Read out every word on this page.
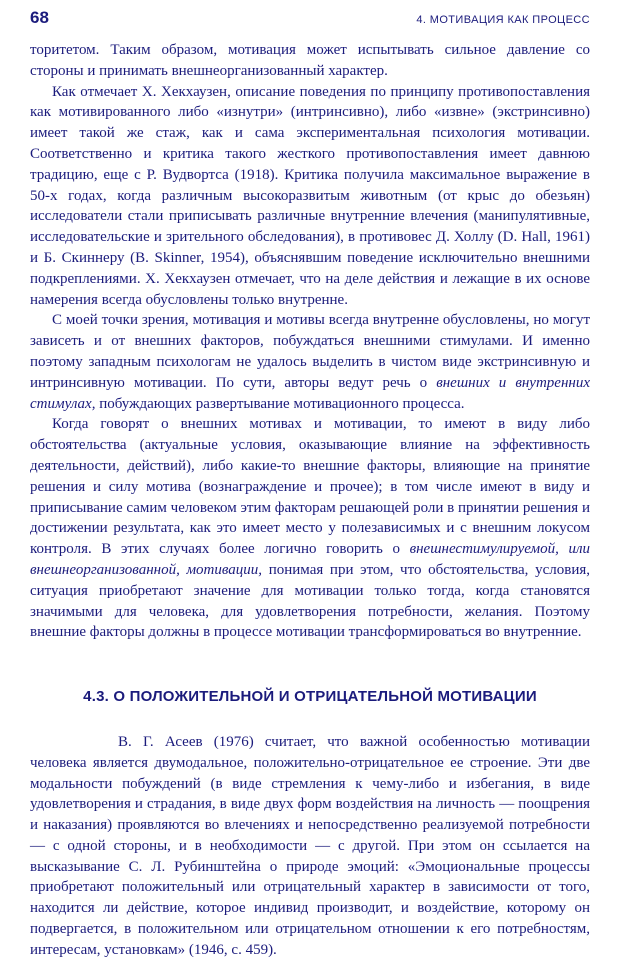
68	4. МОТИВАЦИЯ КАК ПРОЦЕСС

торитетом. Таким образом, мотивация может испытывать сильное давление со стороны и принимать внешнеорганизованный характер.

Как отмечает Х. Хекхаузен, описание поведения по принципу противопоставления как мотивированного либо «изнутри» (интринсивно), либо «извне» (экстринсивно) имеет такой же стаж, как и сама экспериментальная психология мотивации. Соответственно и критика такого жесткого противопоставления имеет давнюю традицию, еще с Р. Вудвортса (1918). Критика получила максимальное выражение в 50-х годах, когда различным высокоразвитым животным (от крыс до обезьян) исследователи стали приписывать различные внутренние влечения (манипулятивные, исследовательские и зрительного обследования), в противовес Д. Холлу (D. Hall, 1961) и Б. Скиннеру (B. Skinner, 1954), объяснявшим поведение исключительно внешними подкреплениями. Х. Хекхаузен отмечает, что на деле действия и лежащие в их основе намерения всегда обусловлены только внутренне.

С моей точки зрения, мотивация и мотивы всегда внутренне обусловлены, но могут зависеть и от внешних факторов, побуждаться внешними стимулами. И именно поэтому западным психологам не удалось выделить в чистом виде экстринсивную и интринсивную мотивации. По сути, авторы ведут речь о внешних и внутренних стимулах, побуждающих развертывание мотивационного процесса.

Когда говорят о внешних мотивах и мотивации, то имеют в виду либо обстоятельства (актуальные условия, оказывающие влияние на эффективность деятельности, действий), либо какие-то внешние факторы, влияющие на принятие решения и силу мотива (вознаграждение и прочее); в том числе имеют в виду и приписывание самим человеком этим факторам решающей роли в принятии решения и достижении результата, как это имеет место у полезависимых и с внешним локусом контроля. В этих случаях более логично говорить о внешнестимулируемой, или внешнеорганизованной, мотивации, понимая при этом, что обстоятельства, условия, ситуация приобретают значение для мотивации только тогда, когда становятся значимыми для человека, для удовлетворения потребности, желания. Поэтому внешние факторы должны в процессе мотивации трансформироваться во внутренние.

4.3. О ПОЛОЖИТЕЛЬНОЙ И ОТРИЦАТЕЛЬНОЙ МОТИВАЦИИ

В. Г. Асеев (1976) считает, что важной особенностью мотивации человека является двумодальное, положительно-отрицательное ее строение. Эти две модальности побуждений (в виде стремления к чему-либо и избегания, в виде удовлетворения и страдания, в виде двух форм воздействия на личность — поощрения и наказания) проявляются во влечениях и непосредственно реализуемой потребности — с одной стороны, и в необходимости — с другой. При этом он ссылается на высказывание С. Л. Рубинштейна о природе эмоций: «Эмоциональные процессы приобретают положительный или отрицательный характер в зависимости от того, находится ли действие, которое индивид производит, и воздействие, которому он подвергается, в положительном или отрицательном отношении к его потребностям, интересам, установкам» (1946, с. 459).
